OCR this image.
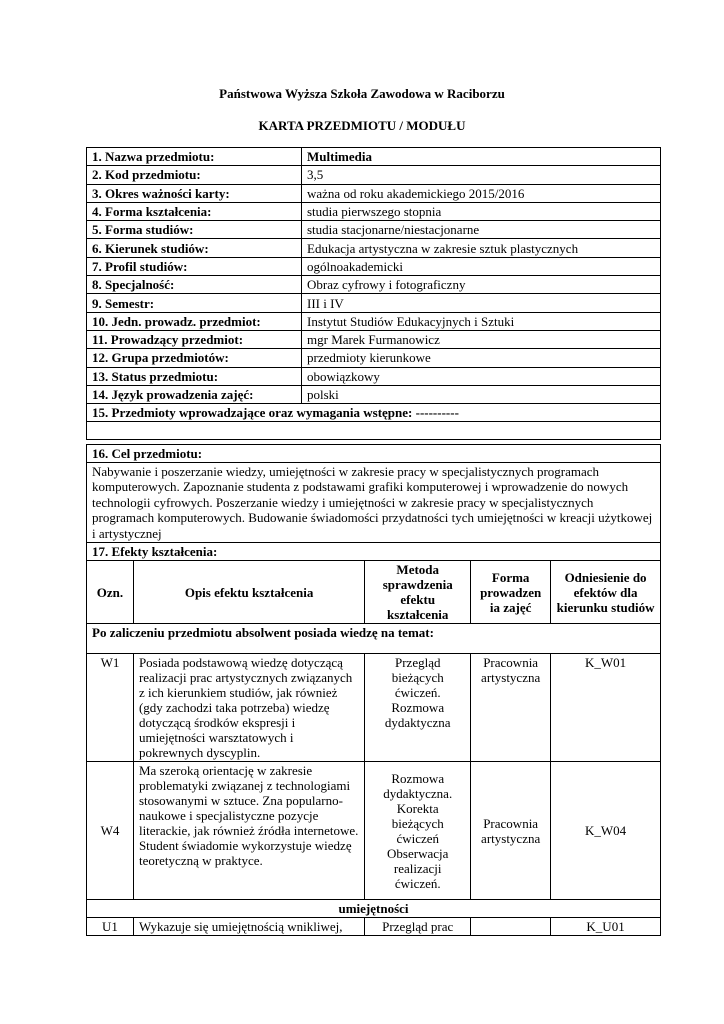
Państwowa Wyższa Szkoła Zawodowa w Raciborzu
KARTA PRZEDMIOTU / MODUŁU
1. Nazwa przedmiotu:	Multimedia
2. Kod przedmiotu:	3,5
3. Okres ważności karty:	ważna od roku akademickiego 2015/2016
4. Forma kształcenia:	studia pierwszego stopnia
5. Forma studiów:	studia stacjonarne/niestacjonarne
6. Kierunek studiów:	Edukacja artystyczna w zakresie sztuk plastycznych
7. Profil studiów:	ogólnoakademicki
8. Specjalność:	Obraz cyfrowy i fotograficzny
9. Semestr:	III i IV
10. Jedn. prowadz. przedmiot:	Instytut Studiów Edukacyjnych i Sztuki
11. Prowadzący przedmiot:	mgr Marek Furmanowicz
12. Grupa przedmiotów:	przedmioty kierunkowe
13. Status przedmiotu:	obowiązkowy
14. Język prowadzenia zajęć:	polski
15. Przedmioty wprowadzające oraz wymagania wstępne: ----------	

16. Cel przedmiotu:				
Nabywanie i poszerzanie wiedzy, umiejętności w zakresie pracy w specjalistycznych programach komputerowych. Zapoznanie studenta z podstawami grafiki komputerowej i wprowadzenie do nowych technologii cyfrowych. Poszerzanie wiedzy i umiejętności w zakresie pracy w specjalistycznych programach komputerowych. Budowanie świadomości przydatności tych umiejętności w kreacji użytkowej i artystycznej				
17. Efekty kształcenia:				
Ozn.	Opis efektu kształcenia	Metoda sprawdzenia efektu kształcenia	Forma prowadzen ia zajęć	Odniesienie do efektów dla kierunku studiów
Po zaliczeniu przedmiotu absolwent posiada wiedzę na temat:				
W1	Posiada podstawową wiedzę dotyczącą realizacji prac artystycznych związanych z ich kierunkiem studiów, jak również (gdy zachodzi taka potrzeba) wiedzę dotyczącą środków ekspresji i umiejętności warsztatowych i pokrewnych dyscyplin.	Przegląd bieżących ćwiczeń. Rozmowa dydaktyczna	Pracownia artystyczna	K_W01
W4	Ma szeroką orientację w zakresie problematyki związanej z technologiami stosowanymi w sztuce. Zna popularno-naukowe i specjalistyczne pozycje literackie, jak również źródła internetowe. Student świadomie wykorzystuje wiedzę teoretyczną w praktyce.	Rozmowa dydaktyczna. Korekta bieżących ćwiczeń Obserwacja realizacji ćwiczeń.	Pracownia artystyczna	K_W04
umiejętności				
U1	Wykazuje się umiejętnością wnikliwej,	Przegląd prac		K_U01
